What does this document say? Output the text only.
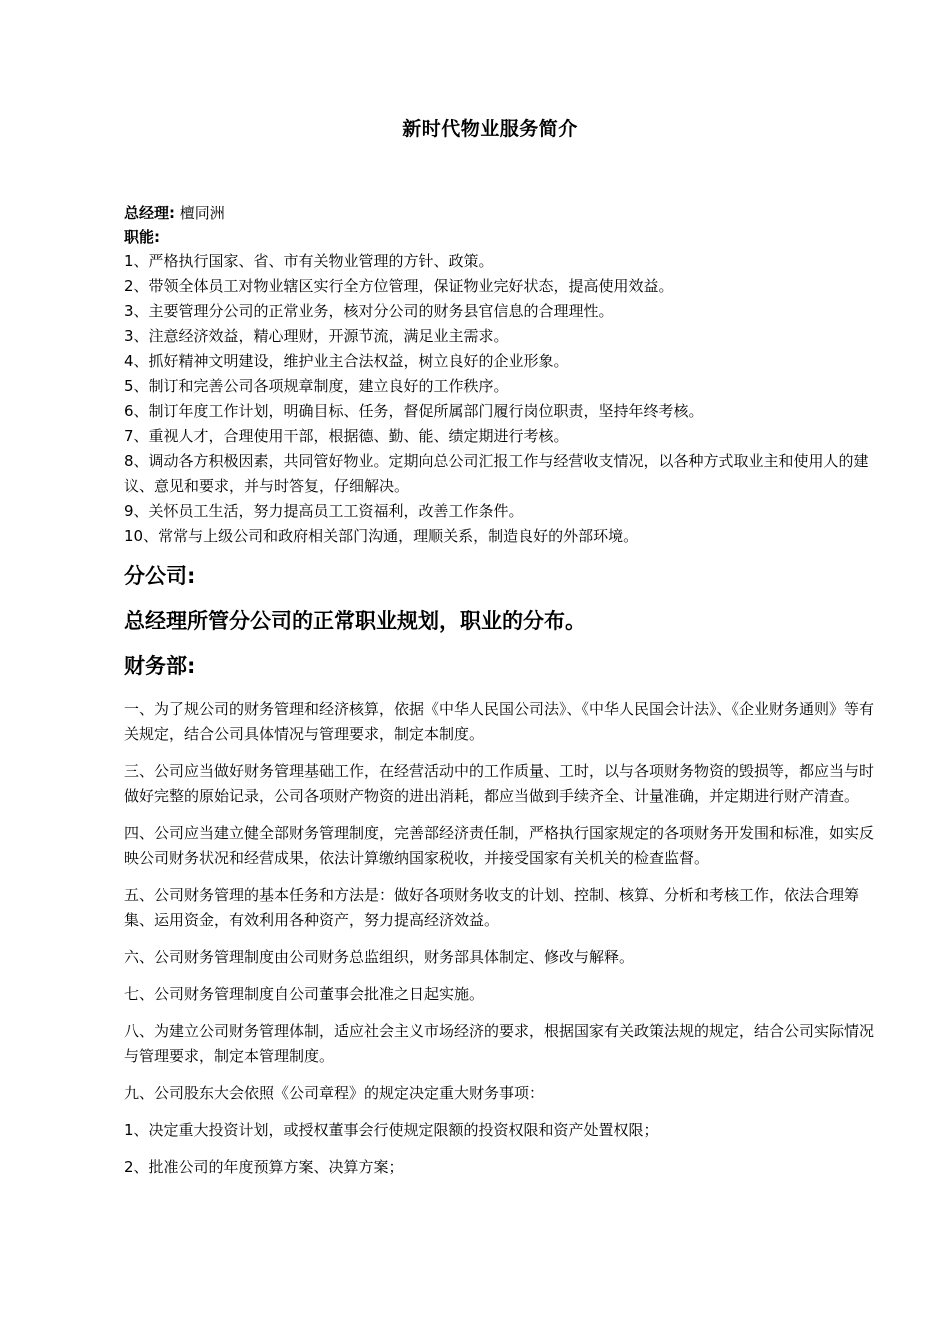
新时代物业服务简介
总经理: 檀同洲
职能:
1、严格执行国家、省、市有关物业管理的方针、政策。
2、带领全体员工对物业辖区实行全方位管理，保证物业完好状态，提高使用效益。
3、主要管理分公司的正常业务，核对分公司的财务县官信息的合理理性。
3、注意经济效益，精心理财，开源节流，满足业主需求。
4、抓好精神文明建设，维护业主合法权益，树立良好的企业形象。
5、制订和完善公司各项规章制度，建立良好的工作秩序。
6、制订年度工作计划，明确目标、任务，督促所属部门履行岗位职责，坚持年终考核。
7、重视人才，合理使用干部，根据德、勤、能、绩定期进行考核。
8、调动各方积极因素，共同管好物业。定期向总公司汇报工作与经营收支情况，以各种方式取业主和使用人的建议、意见和要求，并与时答复，仔细解决。
9、关怀员工生活，努力提高员工工资福利，改善工作条件。
10、常常与上级公司和政府相关部门沟通，理顺关系，制造良好的外部环境。
分公司:
总经理所管分公司的正常职业规划，职业的分布。
财务部:
一、为了规公司的财务管理和经济核算，依据《中华人民国公司法》、《中华人民国会计法》、《企业财务通则》等有关规定，结合公司具体情况与管理要求，制定本制度。
三、公司应当做好财务管理基础工作，在经营活动中的工作质量、工时，以与各项财务物资的毁损等，都应当与时做好完整的原始记录，公司各项财产物资的进出消耗，都应当做到手续齐全、计量准确，并定期进行财产清查。
四、公司应当建立健全部财务管理制度，完善部经济责任制，严格执行国家规定的各项财务开发围和标准，如实反映公司财务状况和经营成果，依法计算缴纳国家税收，并接受国家有关机关的检查监督。
五、公司财务管理的基本任务和方法是：做好各项财务收支的计划、控制、核算、分析和考核工作，依法合理筹集、运用资金，有效利用各种资产，努力提高经济效益。
六、公司财务管理制度由公司财务总监组织，财务部具体制定、修改与解释。
七、公司财务管理制度自公司董事会批准之日起实施。
八、为建立公司财务管理体制，适应社会主义市场经济的要求，根据国家有关政策法规的规定，结合公司实际情况与管理要求，制定本管理制度。
九、公司股东大会依照《公司章程》的规定决定重大财务事项：
1、决定重大投资计划，或授权董事会行使规定限额的投资权限和资产处置权限；
2、批准公司的年度预算方案、决算方案；
